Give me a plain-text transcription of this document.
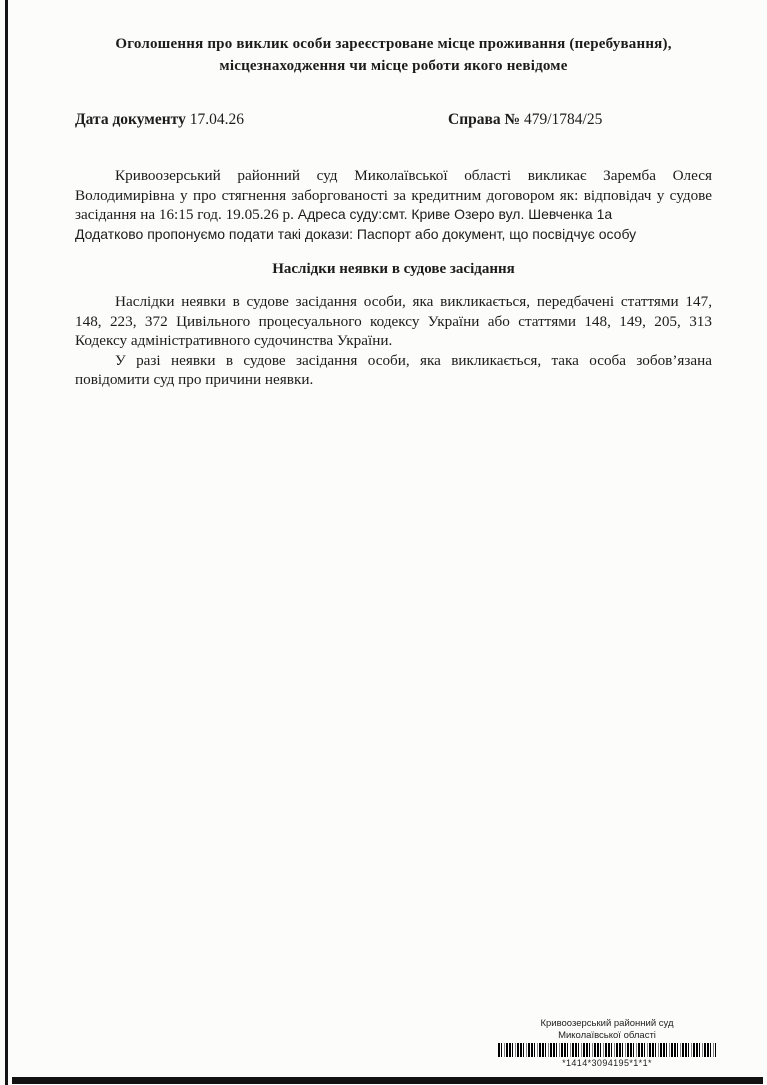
Оголошення про виклик особи зареєстроване місце проживання (перебування),
місцезнаходження чи місце роботи якого невідоме
Дата документу 17.04.26	Справа № 479/1784/25

Кривоозерський районний суд Миколаївської області викликає Заремба Олеся Володимирівна у про стягнення заборгованості за кредитним договором як: відповідач у судове засідання на 16:15 год. 19.05.26 р. Адреса суду:смт. Криве Озеро вул. Шевченка 1а

Додатково пропонуємо подати такі докази: Паспорт або документ, що посвідчує особу

Наслідки неявки в судове засідання

Наслідки неявки в судове засідання особи, яка викликається, передбачені статтями 147, 148, 223, 372 Цивільного процесуального кодексу України або статтями 148, 149, 205, 313 Кодексу адміністративного судочинства України.

У разі неявки в судове засідання особи, яка викликається, така особа зобов’язана повідомити суд про причини неявки.

Кривоозерський районний суд
Миколаївської області
*1414*3094195*1*1*
